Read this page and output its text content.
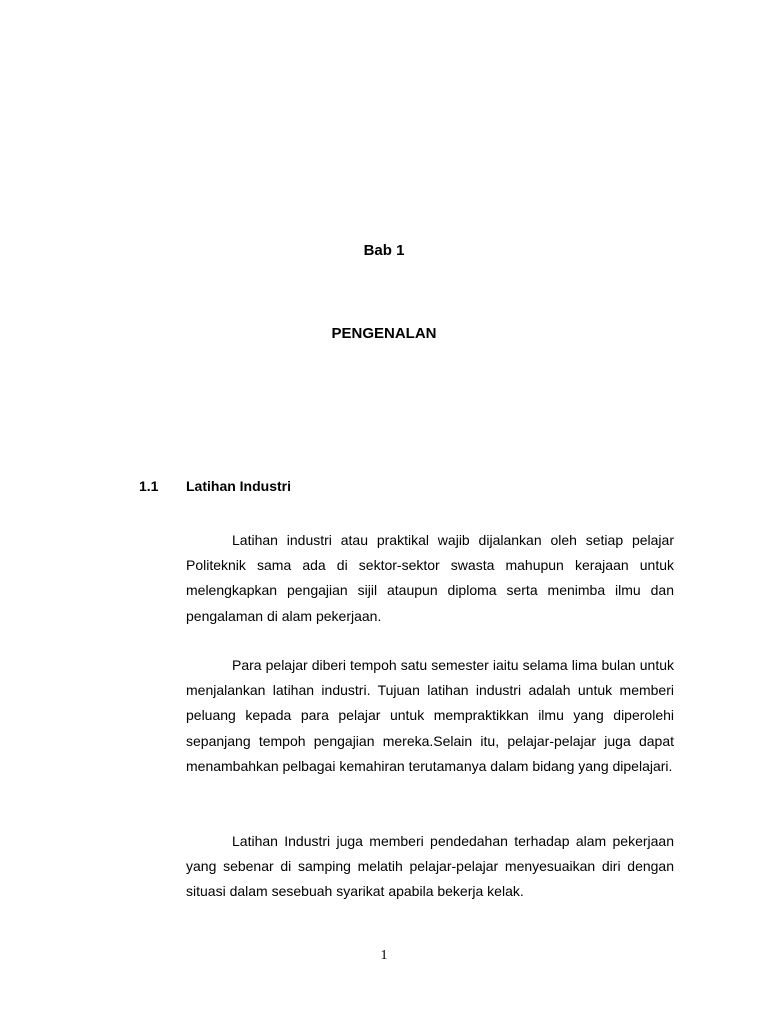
Bab 1
PENGENALAN
1.1 Latihan Industri

Latihan industri atau praktikal wajib dijalankan oleh setiap pelajar Politeknik sama ada di sektor-sektor swasta mahupun kerajaan untuk melengkapkan pengajian sijil ataupun diploma serta menimba ilmu dan pengalaman di alam pekerjaan.

Para pelajar diberi tempoh satu semester iaitu selama lima bulan untuk menjalankan latihan industri. Tujuan latihan industri adalah untuk memberi peluang kepada para pelajar untuk mempraktikkan ilmu yang diperolehi sepanjang tempoh pengajian mereka.Selain itu, pelajar-pelajar juga dapat menambahkan pelbagai kemahiran terutamanya dalam bidang yang dipelajari.

Latihan Industri juga memberi pendedahan terhadap alam pekerjaan yang sebenar di samping melatih pelajar-pelajar menyesuaikan diri dengan situasi dalam sesebuah syarikat apabila bekerja kelak.

1
